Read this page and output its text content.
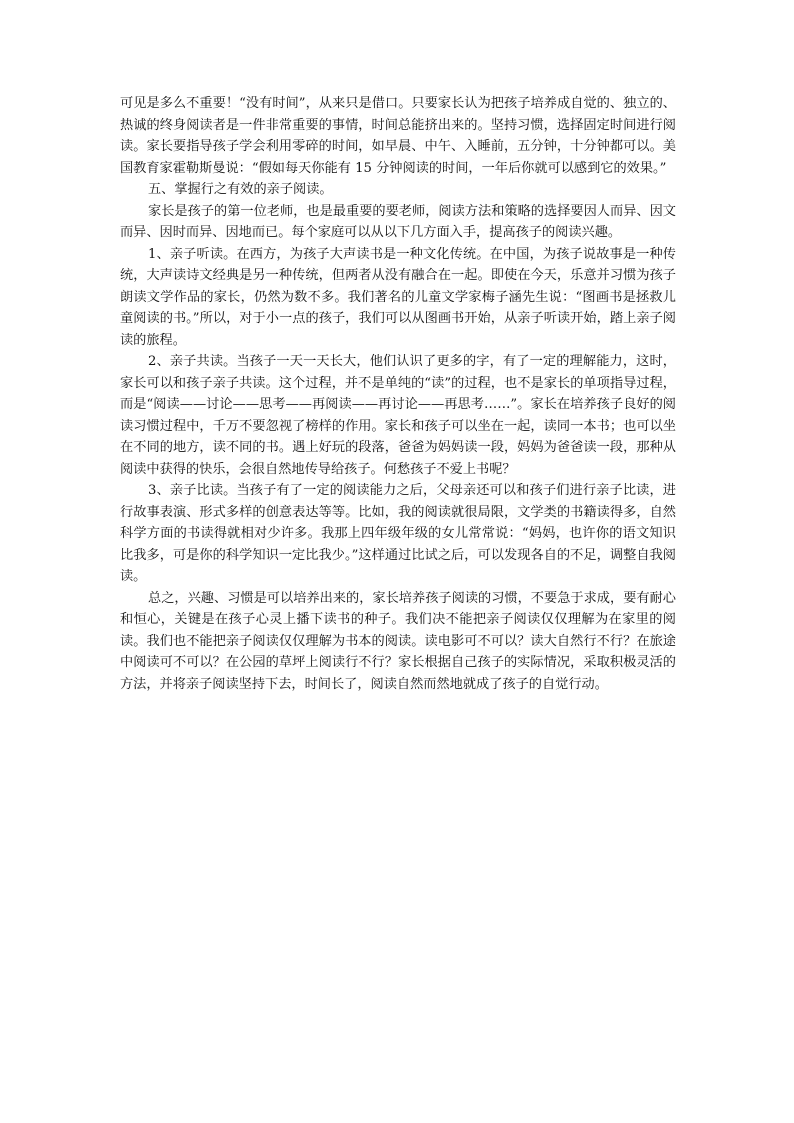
可见是多么不重要！“没有时间”，从来只是借口。只要家长认为把孩子培养成自觉的、独立的、热诚的终身阅读者是一件非常重要的事情，时间总能挤出来的。坚持习惯，选择固定时间进行阅读。家长要指导孩子学会利用零碎的时间，如早晨、中午、入睡前，五分钟，十分钟都可以。美国教育家霍勒斯曼说：“假如每天你能有 15 分钟阅读的时间，一年后你就可以感到它的效果。”

五、掌握行之有效的亲子阅读。

家长是孩子的第一位老师，也是最重要的要老师，阅读方法和策略的选择要因人而异、因文而异、因时而异、因地而已。每个家庭可以从以下几方面入手，提高孩子的阅读兴趣。

1、亲子听读。在西方，为孩子大声读书是一种文化传统。在中国，为孩子说故事是一种传统，大声读诗文经典是另一种传统，但两者从没有融合在一起。即使在今天，乐意并习惯为孩子朗读文学作品的家长，仍然为数不多。我们著名的儿童文学家梅子涵先生说：“图画书是拯救儿童阅读的书。”所以，对于小一点的孩子，我们可以从图画书开始，从亲子听读开始，踏上亲子阅读的旅程。

2、亲子共读。当孩子一天一天长大，他们认识了更多的字，有了一定的理解能力，这时，家长可以和孩子亲子共读。这个过程，并不是单纯的“读”的过程，也不是家长的单项指导过程，而是“阅读——讨论——思考——再阅读——再讨论——再思考……”。家长在培养孩子良好的阅读习惯过程中，千万不要忽视了榜样的作用。家长和孩子可以坐在一起，读同一本书；也可以坐在不同的地方，读不同的书。遇上好玩的段落，爸爸为妈妈读一段，妈妈为爸爸读一段，那种从阅读中获得的快乐，会很自然地传导给孩子。何愁孩子不爱上书呢？

3、亲子比读。当孩子有了一定的阅读能力之后，父母亲还可以和孩子们进行亲子比读，进行故事表演、形式多样的创意表达等等。比如，我的阅读就很局限，文学类的书籍读得多，自然科学方面的书读得就相对少许多。我那上四年级年级的女儿常常说：“妈妈，也许你的语文知识比我多，可是你的科学知识一定比我少。”这样通过比试之后，可以发现各自的不足，调整自我阅读。

总之，兴趣、习惯是可以培养出来的，家长培养孩子阅读的习惯，不要急于求成，要有耐心和恒心，关键是在孩子心灵上播下读书的种子。我们决不能把亲子阅读仅仅理解为在家里的阅读。我们也不能把亲子阅读仅仅理解为书本的阅读。读电影可不可以？读大自然行不行？在旅途中阅读可不可以？在公园的草坪上阅读行不行？家长根据自己孩子的实际情况，采取积极灵活的方法，并将亲子阅读坚持下去，时间长了，阅读自然而然地就成了孩子的自觉行动。
